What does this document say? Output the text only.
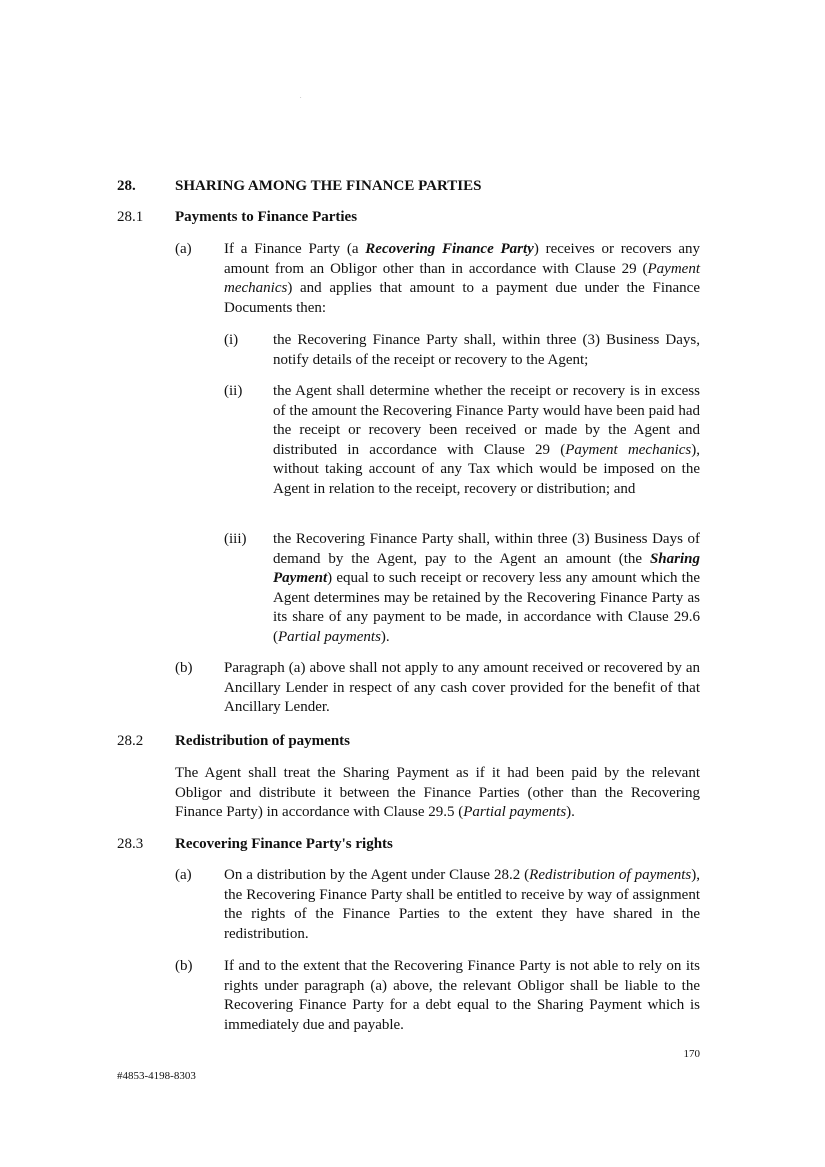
.
28.	SHARING AMONG THE FINANCE PARTIES
28.1 Payments to Finance Parties
(a) If a Finance Party (a Recovering Finance Party) receives or recovers any amount from an Obligor other than in accordance with Clause 29 (Payment mechanics) and applies that amount to a payment due under the Finance Documents then:
(i) the Recovering Finance Party shall, within three (3) Business Days, notify details of the receipt or recovery to the Agent;
(ii) the Agent shall determine whether the receipt or recovery is in excess of the amount the Recovering Finance Party would have been paid had the receipt or recovery been received or made by the Agent and distributed in accordance with Clause 29 (Payment mechanics), without taking account of any Tax which would be imposed on the Agent in relation to the receipt, recovery or distribution; and
(iii) the Recovering Finance Party shall, within three (3) Business Days of demand by the Agent, pay to the Agent an amount (the Sharing Payment) equal to such receipt or recovery less any amount which the Agent determines may be retained by the Recovering Finance Party as its share of any payment to be made, in accordance with Clause 29.6 (Partial payments).
(b) Paragraph (a) above shall not apply to any amount received or recovered by an Ancillary Lender in respect of any cash cover provided for the benefit of that Ancillary Lender.
28.2 Redistribution of payments
The Agent shall treat the Sharing Payment as if it had been paid by the relevant Obligor and distribute it between the Finance Parties (other than the Recovering Finance Party) in accordance with Clause 29.5 (Partial payments).
28.3 Recovering Finance Party's rights
(a) On a distribution by the Agent under Clause 28.2 (Redistribution of payments), the Recovering Finance Party shall be entitled to receive by way of assignment the rights of the Finance Parties to the extent they have shared in the redistribution.
(b) If and to the extent that the Recovering Finance Party is not able to rely on its rights under paragraph (a) above, the relevant Obligor shall be liable to the Recovering Finance Party for a debt equal to the Sharing Payment which is immediately due and payable.
170
#4853-4198-8303
